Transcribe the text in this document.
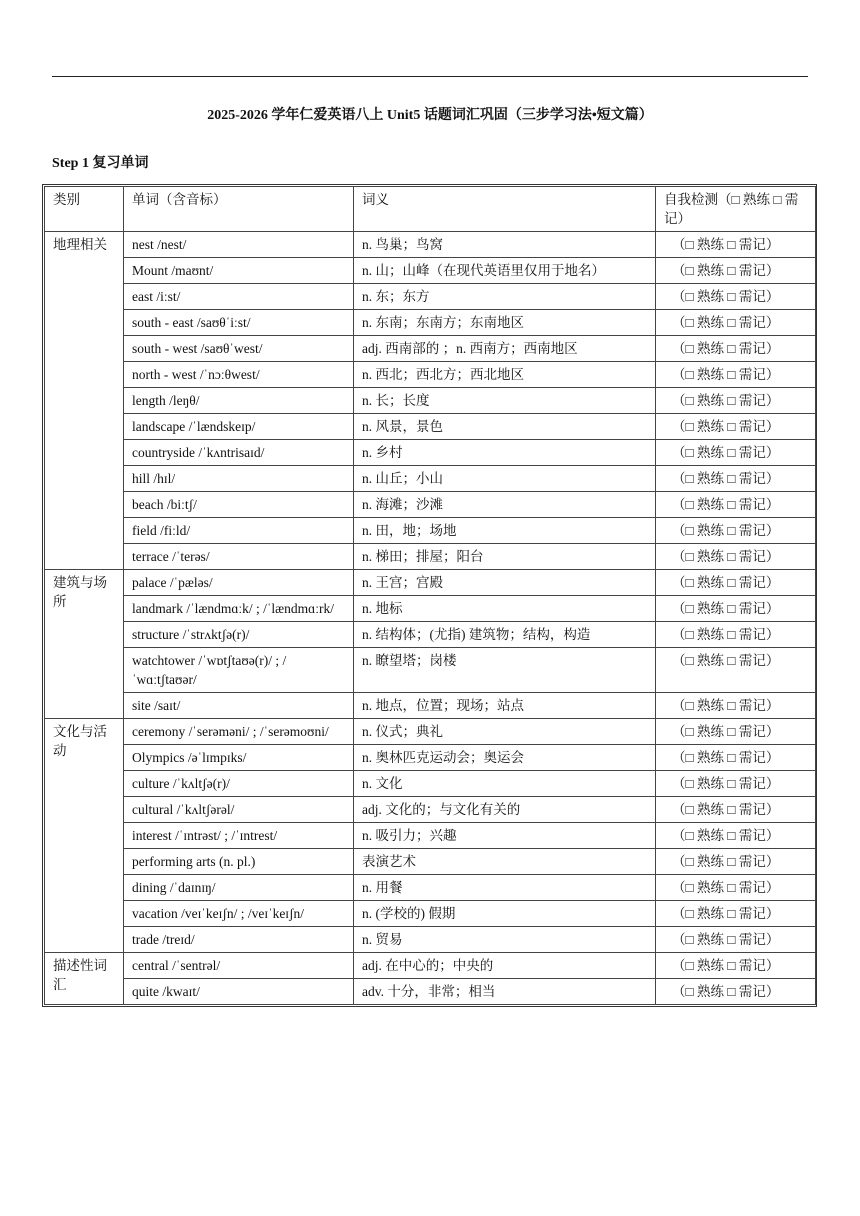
2025-2026 学年仁爱英语八上 Unit5 话题词汇巩固（三步学习法•短文篇）
Step 1 复习单词
类别	单词（含音标）	词义	自我检测（□ 熟练 □ 需记）
地理相关	nest /nest/	n. 鸟巢；鸟窝	（□ 熟练 □ 需记）
	Mount /maʊnt/	n. 山；山峰（在现代英语里仅用于地名）	（□ 熟练 □ 需记）
	east /iːst/	n. 东；东方	（□ 熟练 □ 需记）
	south - east /saʊθˈiːst/	n. 东南；东南方；东南地区	（□ 熟练 □ 需记）
	south - west /saʊθˈwest/	adj. 西南部的 ；n. 西南方；西南地区	（□ 熟练 □ 需记）
	north - west /ˈnɔːθwest/	n. 西北；西北方；西北地区	（□ 熟练 □ 需记）
	length /leŋθ/	n. 长；长度	（□ 熟练 □ 需记）
	landscape /ˈlændskeɪp/	n. 风景，景色	（□ 熟练 □ 需记）
	countryside /ˈkʌntrisaɪd/	n. 乡村	（□ 熟练 □ 需记）
	hill /hɪl/	n. 山丘；小山	（□ 熟练 □ 需记）
	beach /biːtʃ/	n. 海滩；沙滩	（□ 熟练 □ 需记）
	field /fiːld/	n. 田，地；场地	（□ 熟练 □ 需记）
	terrace /ˈterəs/	n. 梯田；排屋；阳台	（□ 熟练 □ 需记）
建筑与场所	palace /ˈpæləs/	n. 王宫；宫殿	（□ 熟练 □ 需记）
	landmark /ˈlændmɑːk/ ; /ˈlændmɑːrk/	n. 地标	（□ 熟练 □ 需记）
	structure /ˈstrʌktʃə(r)/	n. 结构体；(尤指) 建筑物；结构，构造	（□ 熟练 □ 需记）
	watchtower /ˈwɒtʃtaʊə(r)/ ; /ˈwɑːtʃtaʊər/	n. 瞭望塔；岗楼	（□ 熟练 □ 需记）
	site /saɪt/	n. 地点，位置；现场；站点	（□ 熟练 □ 需记）
文化与活动	ceremony /ˈserəməni/ ; /ˈserəmoʊni/	n. 仪式；典礼	（□ 熟练 □ 需记）
	Olympics /əˈlɪmpɪks/	n. 奥林匹克运动会；奥运会	（□ 熟练 □ 需记）
	culture /ˈkʌltʃə(r)/	n. 文化	（□ 熟练 □ 需记）
	cultural /ˈkʌltʃərəl/	adj. 文化的；与文化有关的	（□ 熟练 □ 需记）
	interest /ˈɪntrəst/ ; /ˈɪntrest/	n. 吸引力；兴趣	（□ 熟练 □ 需记）
	performing arts (n. pl.)	表演艺术	（□ 熟练 □ 需记）
	dining /ˈdaɪnɪŋ/	n. 用餐	（□ 熟练 □ 需记）
	vacation /veɪˈkeɪʃn/ ; /veɪˈkeɪʃn/	n. (学校的) 假期	（□ 熟练 □ 需记）
	trade /treɪd/	n. 贸易	（□ 熟练 □ 需记）
描述性词汇	central /ˈsentrəl/	adj. 在中心的；中央的	（□ 熟练 □ 需记）
	quite /kwaɪt/	adv. 十分，非常；相当	（□ 熟练 □ 需记）
